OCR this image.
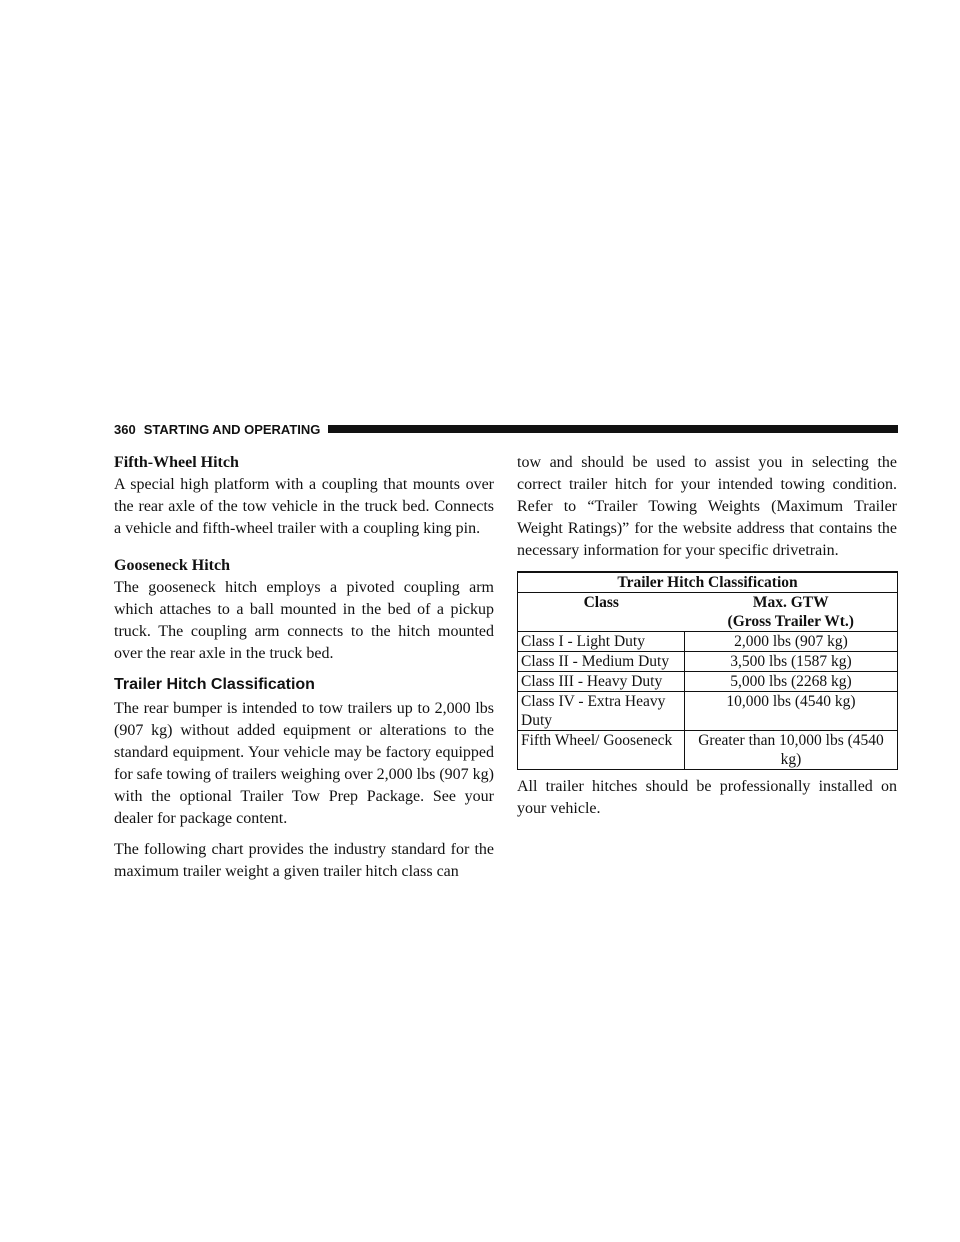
360 STARTING AND OPERATING
Fifth-Wheel Hitch

A special high platform with a coupling that mounts over the rear axle of the tow vehicle in the truck bed. Connects a vehicle and fifth-wheel trailer with a coupling king pin.

Gooseneck Hitch

The gooseneck hitch employs a pivoted coupling arm which attaches to a ball mounted in the bed of a pickup truck. The coupling arm connects to the hitch mounted over the rear axle in the truck bed.

Trailer Hitch Classification

The rear bumper is intended to tow trailers up to 2,000 lbs (907 kg) without added equipment or alterations to the standard equipment. Your vehicle may be factory equipped for safe towing of trailers weighing over 2,000 lbs (907 kg) with the optional Trailer Tow Prep Package. See your dealer for package content.

The following chart provides the industry standard for the maximum trailer weight a given trailer hitch class can

tow and should be used to assist you in selecting the correct trailer hitch for your intended towing condition. Refer to “Trailer Towing Weights (Maximum Trailer Weight Ratings)” for the website address that contains the necessary information for your specific drivetrain.

Trailer Hitch Classification	
Class	Max. GTW
(Gross Trailer Wt.)
Class I - Light Duty	2,000 lbs (907 kg)
Class II - Medium Duty	3,500 lbs (1587 kg)
Class III - Heavy Duty	5,000 lbs (2268 kg)
Class IV - Extra Heavy Duty	10,000 lbs (4540 kg)
Fifth Wheel/ Gooseneck	Greater than 10,000 lbs (4540 kg)

All trailer hitches should be professionally installed on your vehicle.
